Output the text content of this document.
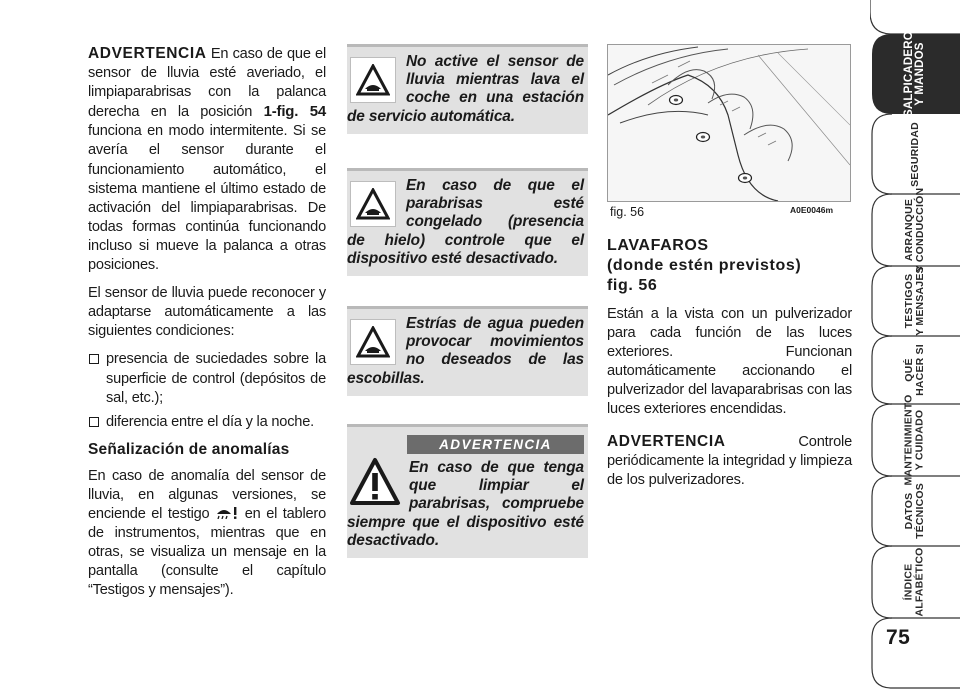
ADVERTENCIA En caso de que el sensor de lluvia esté averiado, el limpiaparabrisas con la palanca derecha en la posición 1-fig. 54 funciona en modo intermitente. Si se avería el sensor durante el funcionamiento automático, el sistema mantiene el último estado de activación del limpiaparabrisas. De todas formas continúa funcionando incluso si mueve la palanca a otras posiciones.

El sensor de lluvia puede reconocer y adaptarse automáticamente a las siguientes condiciones:

presencia de suciedades sobre la superficie de control (depósitos de sal, etc.);
diferencia entre el día y la noche.
Señalización de anomalías

En caso de anomalía del sensor de lluvia, en algunas versiones, se enciende el testigo  en el tablero de instrumentos, mientras que en otras, se visualiza un mensaje en la pantalla (consulte el capítulo “Testigos y mensajes”).

No active el sensor de lluvia mientras lava el coche en una estación de servicio automática.
En caso de que el parabrisas esté congelado (presencia de hielo) controle que el dispositivo esté desactivado.
Estrías de agua pueden provocar movimientos no deseados de las escobillas.
ADVERTENCIA
En caso de que tenga que limpiar el parabrisas, compruebe siempre que el dispositivo esté desactivado.
fig. 56	A0E0046m
LAVAFAROS
(donde estén previstos)
fig. 56

Están a la vista con un pulverizador para cada función de las luces exteriores. Funcionan automáticamente accionando el pulverizador del lavaparabrisas con las luces exteriores encendidas.

ADVERTENCIA Controle periódicamente la integridad y limpieza de los pulverizadores.

SALPICADERO
Y MANDOS
SEGURIDAD
ARRANQUE
Y CONDUCCIÓN
TESTIGOS
Y MENSAJES
QUÉ
HACER SI
MANTENIMIENTO
Y CUIDADO
DATOS
TÉCNICOS
ÍNDICE
ALFABÉTICO
75
